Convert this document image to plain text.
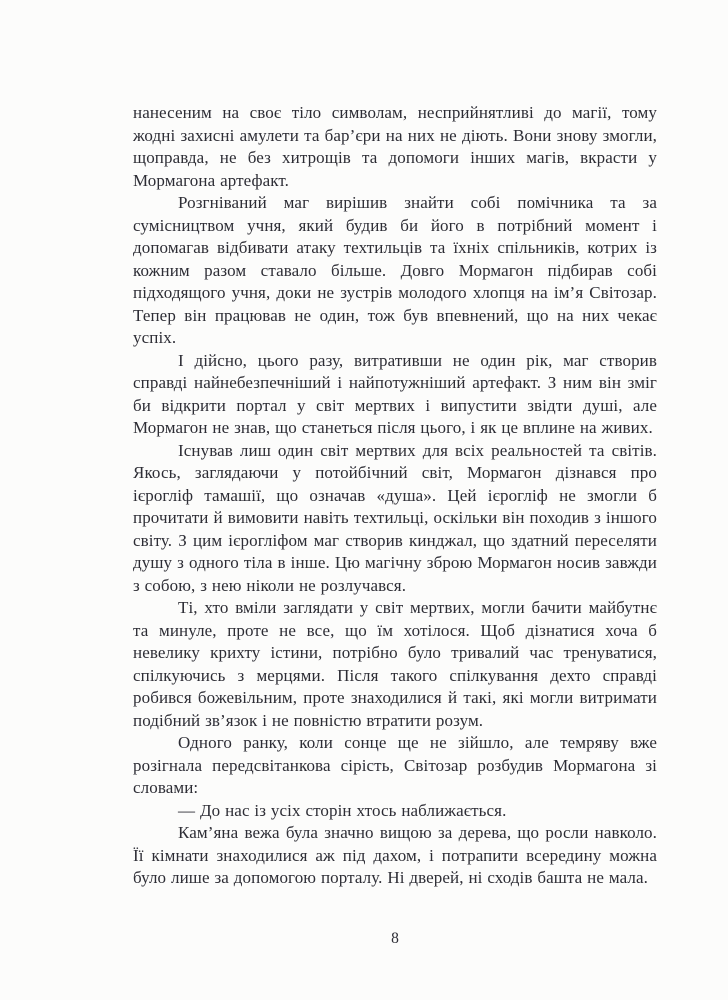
нанесеним на своє тіло символам, несприйнятливі до магії, тому жодні захисні амулети та бар’єри на них не діють. Вони знову змогли, щоправда, не без хитрощів та допомоги інших магів, вкрасти у Мормагона артефакт.

Розгніваний маг вирішив знайти собі помічника та за сумісництвом учня, який будив би його в потрібний момент і допомагав відбивати атаку техтильців та їхніх спільників, котрих із кожним разом ставало більше. Довго Мормагон підбирав собі підходящого учня, доки не зустрів молодого хлопця на ім’я Світозар. Тепер він працював не один, тож був впевнений, що на них чекає успіх.

І дійсно, цього разу, витративши не один рік, маг створив справді найнебезпечніший і найпотужніший артефакт. З ним він зміг би відкрити портал у світ мертвих і випустити звідти душі, але Мормагон не знав, що станеться після цього, і як це вплине на живих.

Існував лиш один світ мертвих для всіх реальностей та світів. Якось, заглядаючи у потойбічний світ, Мормагон дізнався про ієрогліф тамашії, що означав «душа». Цей ієрогліф не змогли б прочитати й вимовити навіть техтильці, оскільки він походив з іншого світу. З цим ієрогліфом маг створив кинджал, що здатний переселяти душу з одного тіла в інше. Цю магічну зброю Мормагон носив завжди з собою, з нею ніколи не розлучався.

Ті, хто вміли заглядати у світ мертвих, могли бачити майбутнє та минуле, проте не все, що їм хотілося. Щоб дізнатися хоча б невелику крихту істини, потрібно було тривалий час тренуватися, спілкуючись з мерцями. Після такого спілкування дехто справді робився божевільним, проте знаходилися й такі, які могли витримати подібний зв’язок і не повністю втратити розум.

Одного ранку, коли сонце ще не зійшло, але темряву вже розігнала передсвітанкова сірість, Світозар розбудив Мормагона зі словами:

— До нас із усіх сторін хтось наближається.

Кам’яна вежа була значно вищою за дерева, що росли навколо. Її кімнати знаходилися аж під дахом, і потрапити всередину можна було лише за допомогою порталу. Ні дверей, ні сходів башта не мала.

8
